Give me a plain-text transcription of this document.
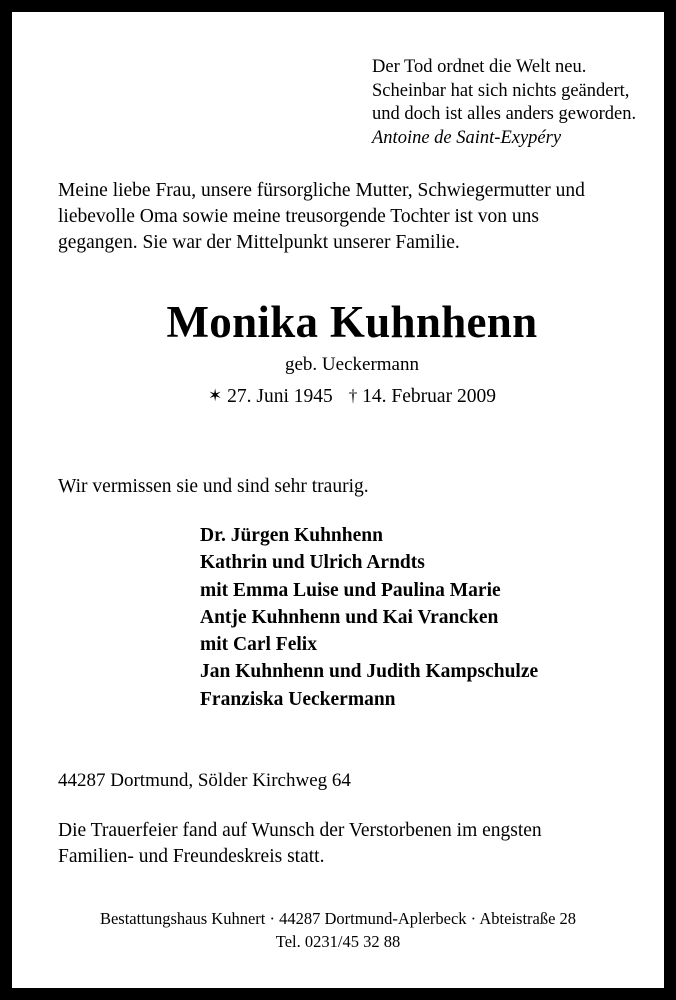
Der Tod ordnet die Welt neu.
Scheinbar hat sich nichts geändert,
und doch ist alles anders geworden.
Antoine de Saint-Exypéry
Meine liebe Frau, unsere fürsorgliche Mutter, Schwiegermutter und
liebevolle Oma sowie meine treusorgende Tochter ist von uns
gegangen. Sie war der Mittelpunkt unserer Familie.
Monika Kuhnhenn
geb. Ueckermann
✶ 27. Juni 1945 † 14. Februar 2009
Wir vermissen sie und sind sehr traurig.
Dr. Jürgen Kuhnhenn
Kathrin und Ulrich Arndts
mit Emma Luise und Paulina Marie
Antje Kuhnhenn und Kai Vrancken
mit Carl Felix
Jan Kuhnhenn und Judith Kampschulze
Franziska Ueckermann
44287 Dortmund, Sölder Kirchweg 64
Die Trauerfeier fand auf Wunsch der Verstorbenen im engsten
Familien- und Freundeskreis statt.
Bestattungshaus Kuhnert · 44287 Dortmund-Aplerbeck · Abteistraße 28
Tel. 0231/45 32 88
